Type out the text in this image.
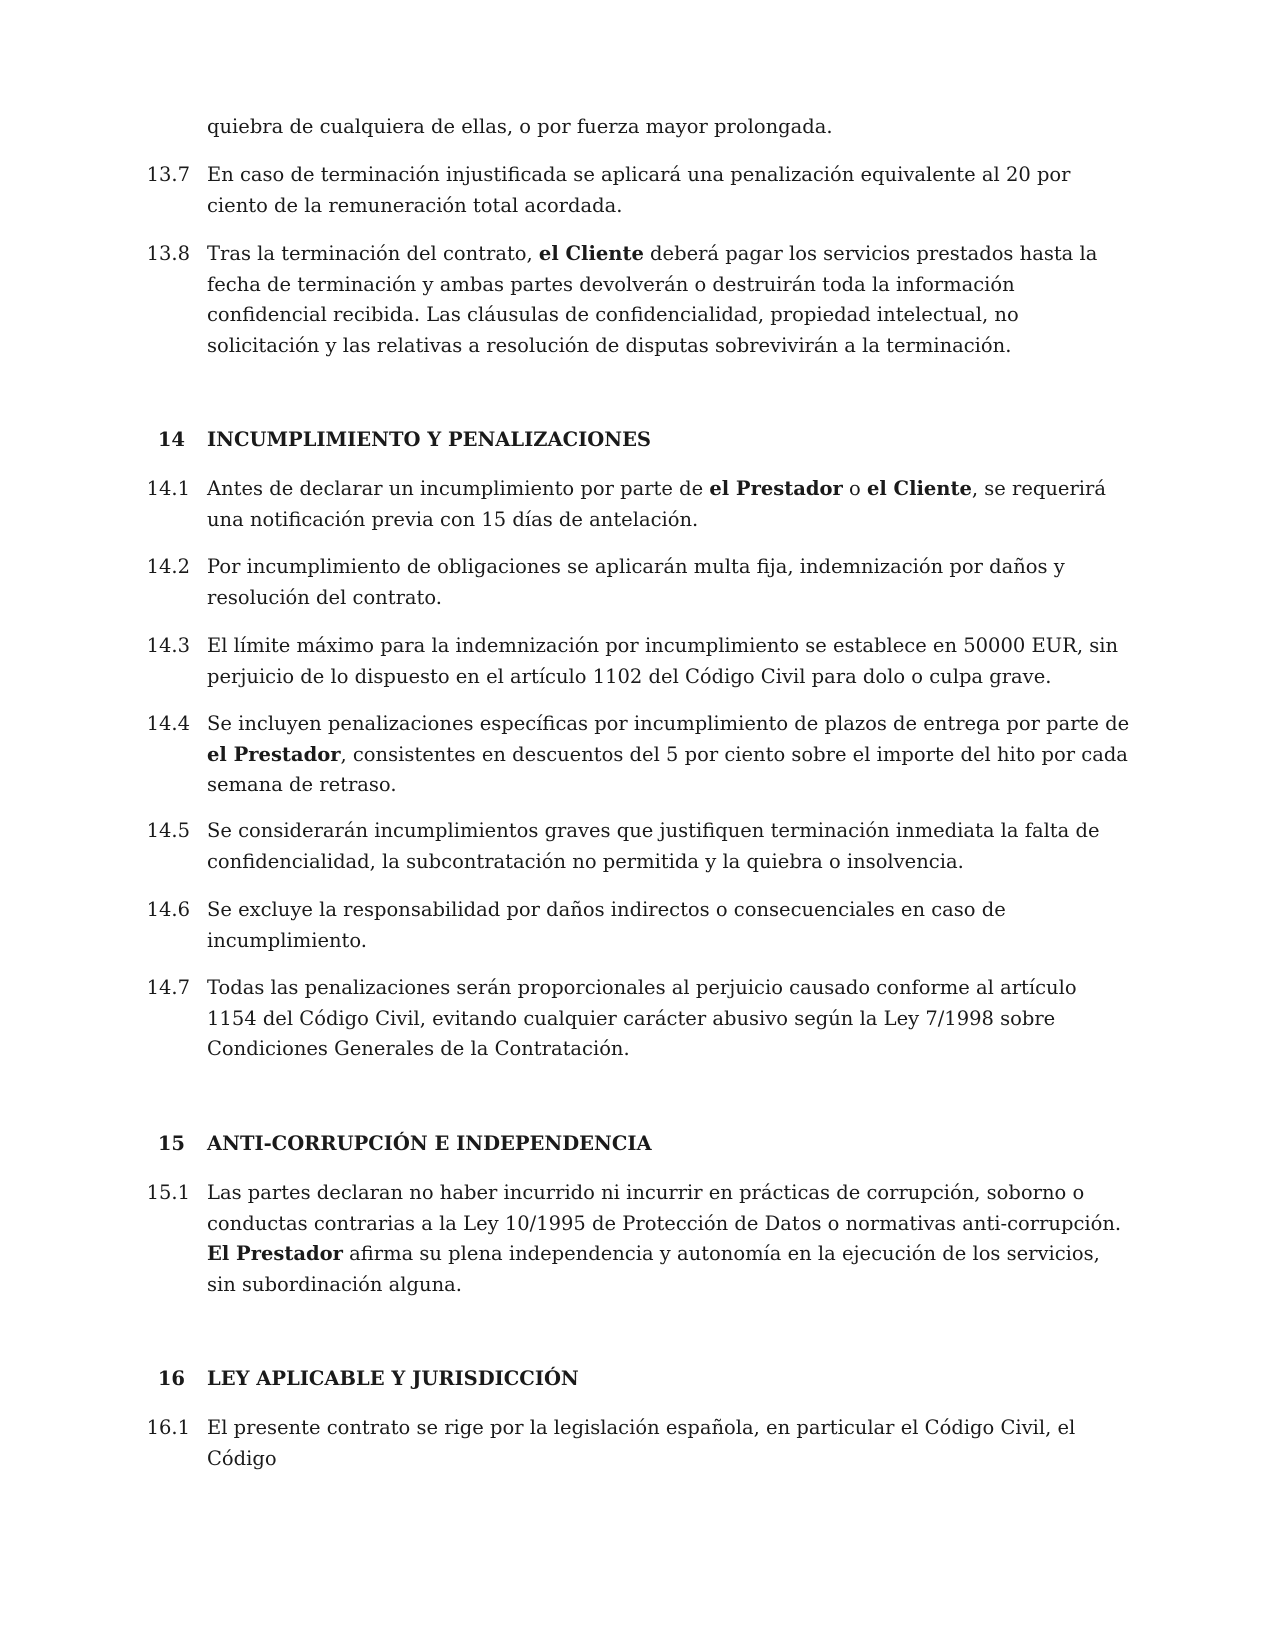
quiebra de cualquiera de ellas, o por fuerza mayor prolongada.
13.7 En caso de terminación injustificada se aplicará una penalización equivalente al 20 por ciento de la remuneración total acordada.
13.8 Tras la terminación del contrato, el Cliente deberá pagar los servicios prestados hasta la fecha de terminación y ambas partes devolverán o destruirán toda la información confidencial recibida. Las cláusulas de confidencialidad, propiedad intelectual, no solicitación y las relativas a resolución de disputas sobrevivirán a la terminación.
14 INCUMPLIMIENTO Y PENALIZACIONES
14.1 Antes de declarar un incumplimiento por parte de el Prestador o el Cliente, se requerirá una notificación previa con 15 días de antelación.
14.2 Por incumplimiento de obligaciones se aplicarán multa fija, indemnización por daños y resolución del contrato.
14.3 El límite máximo para la indemnización por incumplimiento se establece en 50000 EUR, sin perjuicio de lo dispuesto en el artículo 1102 del Código Civil para dolo o culpa grave.
14.4 Se incluyen penalizaciones específicas por incumplimiento de plazos de entrega por parte de el Prestador, consistentes en descuentos del 5 por ciento sobre el importe del hito por cada semana de retraso.
14.5 Se considerarán incumplimientos graves que justifiquen terminación inmediata la falta de confidencialidad, la subcontratación no permitida y la quiebra o insolvencia.
14.6 Se excluye la responsabilidad por daños indirectos o consecuenciales en caso de incumplimiento.
14.7 Todas las penalizaciones serán proporcionales al perjuicio causado conforme al artículo 1154 del Código Civil, evitando cualquier carácter abusivo según la Ley 7/1998 sobre Condiciones Generales de la Contratación.
15 ANTI-CORRUPCIÓN E INDEPENDENCIA
15.1 Las partes declaran no haber incurrido ni incurrir en prácticas de corrupción, soborno o conductas contrarias a la Ley 10/1995 de Protección de Datos o normativas anti-corrupción. El Prestador afirma su plena independencia y autonomía en la ejecución de los servicios, sin subordinación alguna.
16 LEY APLICABLE Y JURISDICCIÓN
16.1 El presente contrato se rige por la legislación española, en particular el Código Civil, el Código
